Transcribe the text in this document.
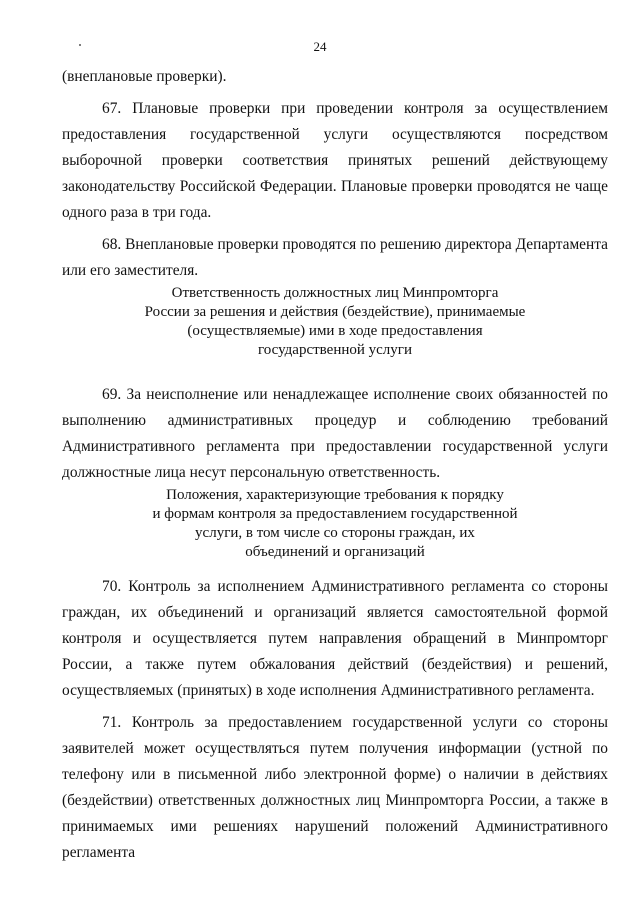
24

(внеплановые проверки).

67. Плановые проверки при проведении контроля за осуществлением предоставления государственной услуги осуществляются посредством выборочной проверки соответствия принятых решений действующему законодательству Российской Федерации. Плановые проверки проводятся не чаще одного раза в три года.

68. Внеплановые проверки проводятся по решению директора Департамента или его заместителя.

Ответственность должностных лиц Минпромторга
России за решения и действия (бездействие), принимаемые
(осуществляемые) ими в ходе предоставления
государственной услуги

69. За неисполнение или ненадлежащее исполнение своих обязанностей по выполнению административных процедур и соблюдению требований Административного регламента при предоставлении государственной услуги должностные лица несут персональную ответственность.

Положения, характеризующие требования к порядку
и формам контроля за предоставлением государственной
услуги, в том числе со стороны граждан, их
объединений и организаций

70. Контроль за исполнением Административного регламента со стороны граждан, их объединений и организаций является самостоятельной формой контроля и осуществляется путем направления обращений в Минпромторг России, а также путем обжалования действий (бездействия) и решений, осуществляемых (принятых) в ходе исполнения Административного регламента.

71. Контроль за предоставлением государственной услуги со стороны заявителей может осуществляться путем получения информации (устной по телефону или в письменной либо электронной форме) о наличии в действиях (бездействии) ответственных должностных лиц Минпромторга России, а также в принимаемых ими решениях нарушений положений Административного регламента
